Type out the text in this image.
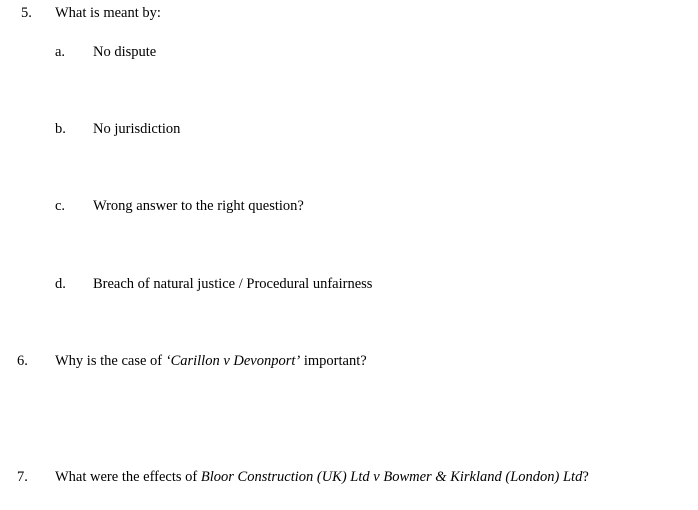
5. What is meant by:
a. No dispute
b. No jurisdiction
c. Wrong answer to the right question?
d. Breach of natural justice / Procedural unfairness
6. Why is the case of ‘Carillon v Devonport’ important?
7. What were the effects of Bloor Construction (UK) Ltd v Bowmer & Kirkland (London) Ltd?
